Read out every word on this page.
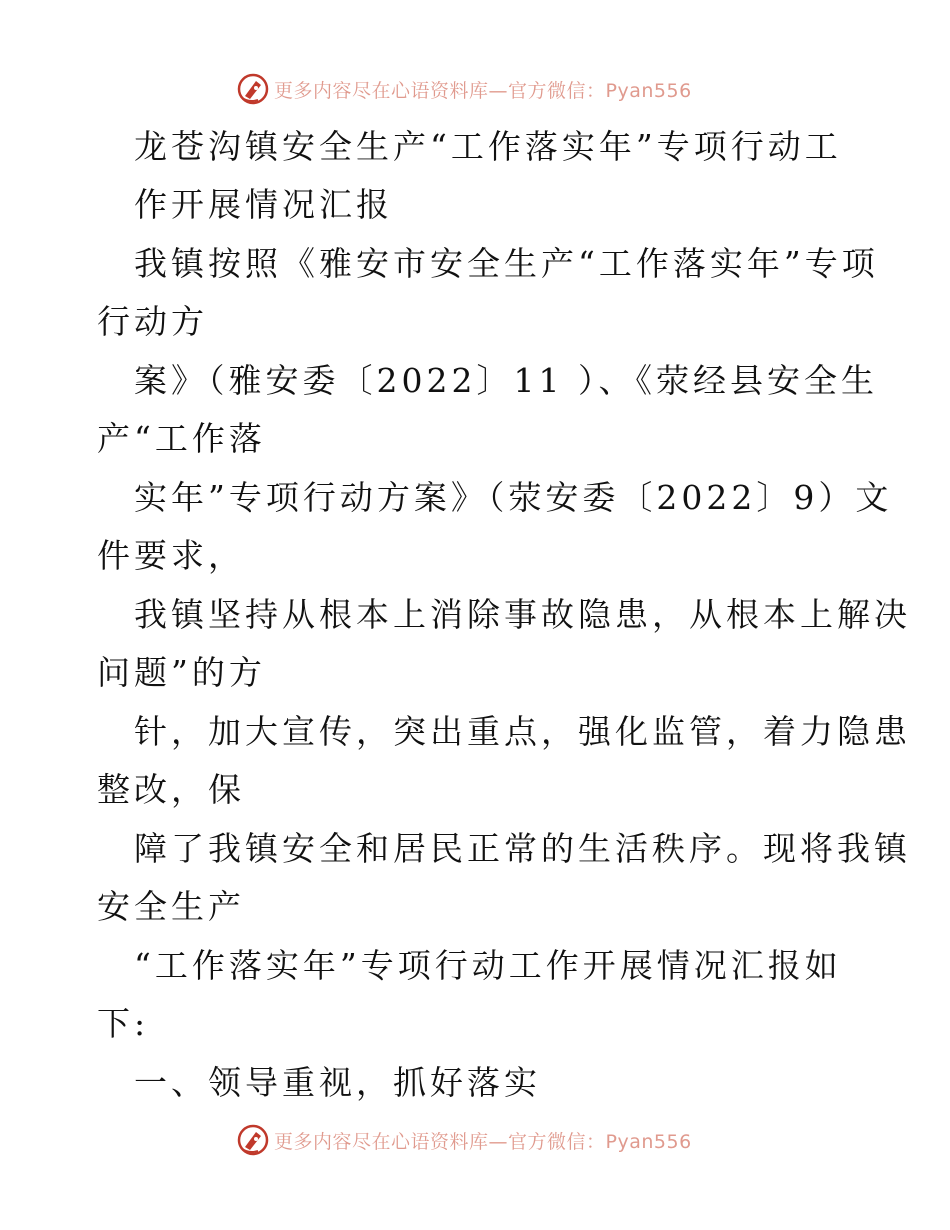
更多内容尽在心语资料库—官方微信：Pyan556
龙苍沟镇安全生产“工作落实年”专项行动工
作开展情况汇报
我镇按照《雅安市安全生产“工作落实年”专项
行动方
案》（雅安委〔2022〕11 ）、《荥经县安全生
产“工作落
实年”专项行动方案》（荥安委〔2022〕9）文
件要求，
我镇坚持从根本上消除事故隐患，从根本上解决
问题”的方
针，加大宣传，突出重点，强化监管，着力隐患
整改，保
障了我镇安全和居民正常的生活秩序。现将我镇
安全生产
“工作落实年”专项行动工作开展情况汇报如
下:
一、领导重视，抓好落实
更多内容尽在心语资料库—官方微信：Pyan556
